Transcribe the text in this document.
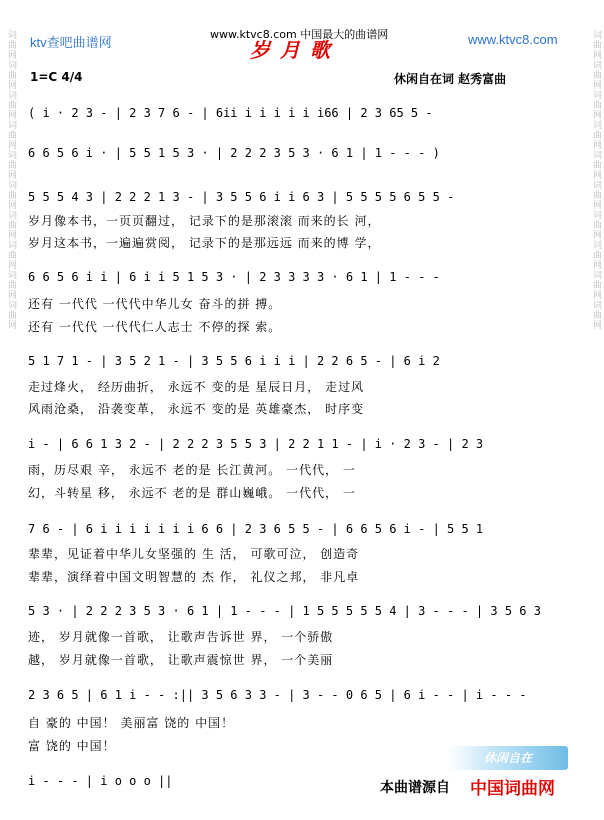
词曲网词曲网词曲网词曲网词曲网词曲网词曲网词曲网词曲网词曲网	词曲网词曲网词曲网词曲网词曲网词曲网词曲网词曲网词曲网词曲网
ktv查吧曲谱网
www.ktvc8.com 中国最大的曲谱网	www.ktvc8.com
岁月歌
1=C 4/4	休闲自在词 赵秀富曲
( i · 2 3 - | 2 3 7 6 - | 6ii i i i i i i66 | 2 3 65 5 -
6 6 5 6 i · | 5 5 1 5 3 · | 2 2 2 3 5 3 · 6 1 | 1 - - - )
5 5 5 4 3 | 2 2 2 1 3 - | 3 5 5 6 i i 6 3 | 5 5 5 5 6 5 5 -
岁月像本书，一页页翻过， 记录下的是那滚滚 而来的长 河，
岁月这本书，一遍遍赏阅， 记录下的是那远远 而来的博 学，
6 6 5 6 i i | 6 i i 5 1 5 3 · | 2 3 3 3 3 · 6 1 | 1 - - -
还有 一代代 一代代中华儿女 奋斗的拼 搏。
还有 一代代 一代代仁人志士 不停的探 索。
5 1 7 1 - | 3 5 2 1 - | 3 5 5 6 i i i | 2 2 6 5 - | 6 i 2
走过烽火， 经历曲折， 永远不 变的是 星辰日月， 走过风
风雨沧桑， 沿袭变革， 永远不 变的是 英雄豪杰， 时序变
i - | 6 6 1 3 2 - | 2 2 2 3 5 5 3 | 2 2 1 1 - | i · 2 3 - | 2 3
雨，历尽艰 辛， 永远不 老的是 长江黄河。 一代代， 一
幻，斗转星 移， 永远不 老的是 群山巍峨。 一代代， 一
7 6 - | 6 i i i i i i i 6 6 | 2 3 6 5 5 - | 6 6 5 6 i - | 5 5 1
辈辈，见证着中华儿女坚强的 生 活， 可歌可泣， 创造奇
辈辈，演绎着中国文明智慧的 杰 作， 礼仪之邦， 非凡卓
5 3 · | 2 2 2 3 5 3 · 6 1 | 1 - - - | 1 5 5 5 5 5 4 | 3 - - - | 3 5 6 3
迹， 岁月就像一首歌， 让歌声告诉世 界， 一个骄傲
越， 岁月就像一首歌， 让歌声震惊世 界， 一个美丽
2 3 6 5 | 6 1 i - - :|| 3 5 6 3 3 - | 3 - - 0 6 5 | 6 i - - | i - - -
自 豪的 中国！ 美丽富 饶的 中国！
富 饶的 中国！
i - - - | i o o o ||
休闲自在
本曲谱源自 中国词曲网
